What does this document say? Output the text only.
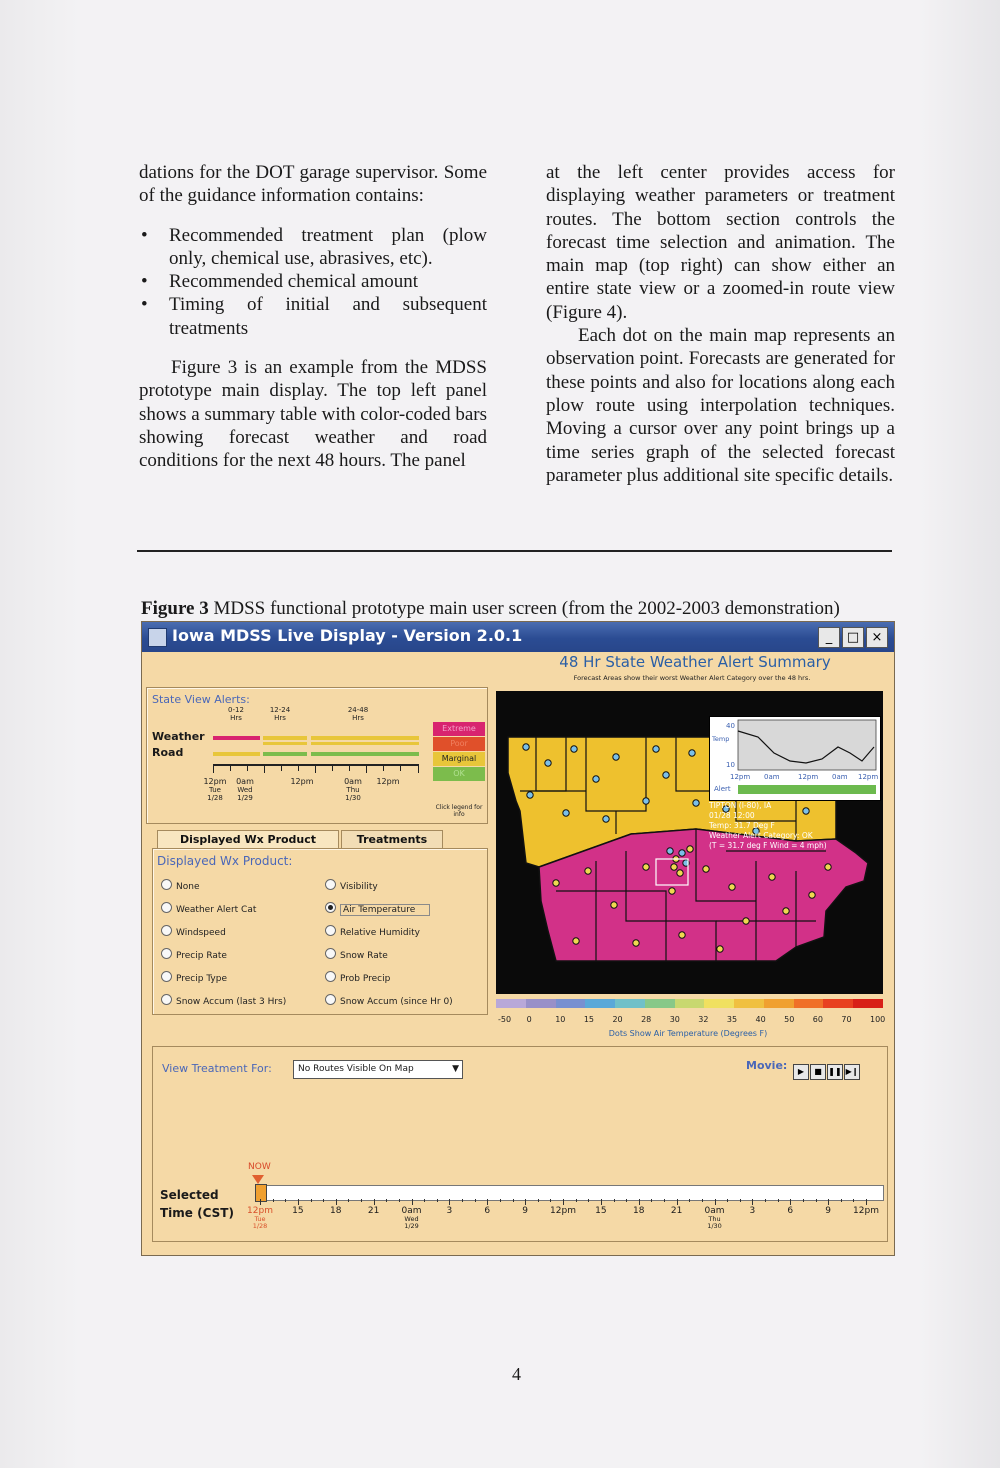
dations for the DOT garage supervisor. Some of the guidance information contains:

• Recommended treatment plan (plow only, chemical use, abrasives, etc).
• Recommended chemical amount
• Timing of initial and subsequent treatments

Figure 3 is an example from the MDSS prototype main display. The top left panel shows a summary table with color-coded bars showing forecast weather and road conditions for the next 48 hours. The panel

at the left center provides access for displaying weather parameters or treatment routes. The bottom section controls the forecast time selection and animation. The main map (top right) can show either an entire state view or a zoomed-in route view (Figure 4).

Each dot on the main map represents an observation point. Forecasts are generated for these points and also for locations along each plow route using interpolation techniques. Moving a cursor over any point brings up a time series graph of the selected forecast parameter plus additional site specific details.

Figure 3 MDSS functional prototype main user screen (from the 2002-2003 demonstration)
Iowa MDSS Live Display - Version 2.0.1	_ □ ×
48 Hr State Weather Alert Summary
Forecast Areas show their worst Weather Alert Category over the 48 hrs.
State View Alerts:
0-12
Hrs
12-24
Hrs
24-48
Hrs
Weather
Road
12pm
Tue
1/28
0am
Wed
1/29
12pm	0am
Thu
1/30
12pm
Extreme
Poor
Marginal
OK
Click legend for info
Displayed Wx Product	Treatments
Displayed Wx Product:
None
Weather Alert Cat
Windspeed
Precip Rate
Precip Type
Snow Accum (last 3 Hrs)
Visibility
Air Temperature
Relative Humidity
Snow Rate
Prob Precip
Snow Accum (since Hr 0)
40
Temp
10
12pm 0am	12pm 0am 12pm
Alert
TIPTON (I-80), IA
01/28 12:00
Temp: 31.7 Deg F
Weather Alert Category: OK
(T = 31.7 deg F Wind = 4 mph)
-50 0	10 15 20 28 30 32 35 40 50 60 70 100
Dots Show Air Temperature (Degrees F)
View Treatment For:	No Routes Visible On Map	▼	Movie:	▶ ■ ❚❚ ▶❙
NOW
Selected
Time (CST)	12pm
Tue
1/28
15	18	21	0am
Wed
1/29
3	6	9	12pm	15	18	21	0am
Thu
1/30
3	6	9	12pm
4
